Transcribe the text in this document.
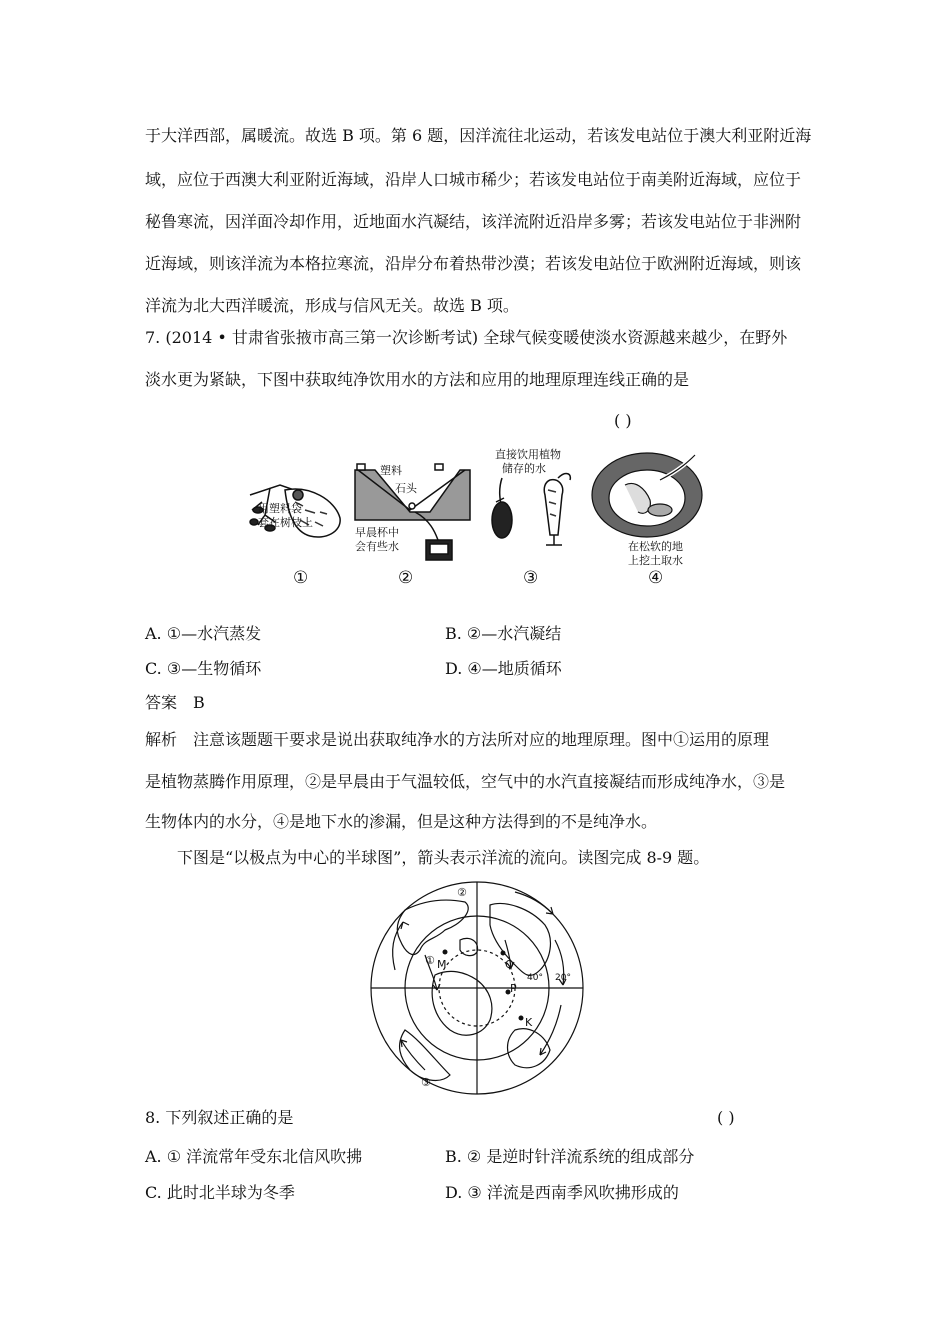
于大洋西部，属暖流。故选 B 项。第 6 题，因洋流往北运动，若该发电站位于澳大利亚附近海
域，应位于西澳大利亚附近海域，沿岸人口城市稀少；若该发电站位于南美附近海域，应位于
秘鲁寒流，因洋面冷却作用，近地面水汽凝结，该洋流附近沿岸多雾；若该发电站位于非洲附
近海域，则该洋流为本格拉寒流，沿岸分布着热带沙漠；若该发电站位于欧洲附近海域，则该
洋流为北大西洋暖流，形成与信风无关。故选 B 项。
7. (2014 • 甘肃省张掖市高三第一次诊断考试) 全球气候变暖使淡水资源越来越少，在野外
淡水更为紧缺，下图中获取纯净饮用水的方法和应用的地理原理连线正确的是
( )
用塑料袋
套在树枝上
塑料
石头
早晨杯中
会有些水
直接饮用植物
储存的水
在松软的地
上挖土取水
①	②	③	④
A. ①—水汽蒸发	B. ②—水汽凝结
C. ③—生物循环	D. ④—地质循环
答案　B
解析　注意该题题干要求是说出获取纯净水的方法所对应的地理原理。图中①运用的原理
是植物蒸腾作用原理，②是早晨由于气温较低，空气中的水汽直接凝结而形成纯净水，③是
生物体内的水分，④是地下水的渗漏，但是这种方法得到的不是纯净水。
下图是“以极点为中心的半球图”，箭头表示洋流的流向。读图完成 8-9 题。
①
②
③
M	Q
P
K
40° 20°
8. 下列叙述正确的是	( )
A. ① 洋流常年受东北信风吹拂	B. ② 是逆时针洋流系统的组成部分
C. 此时北半球为冬季	D. ③ 洋流是西南季风吹拂形成的
